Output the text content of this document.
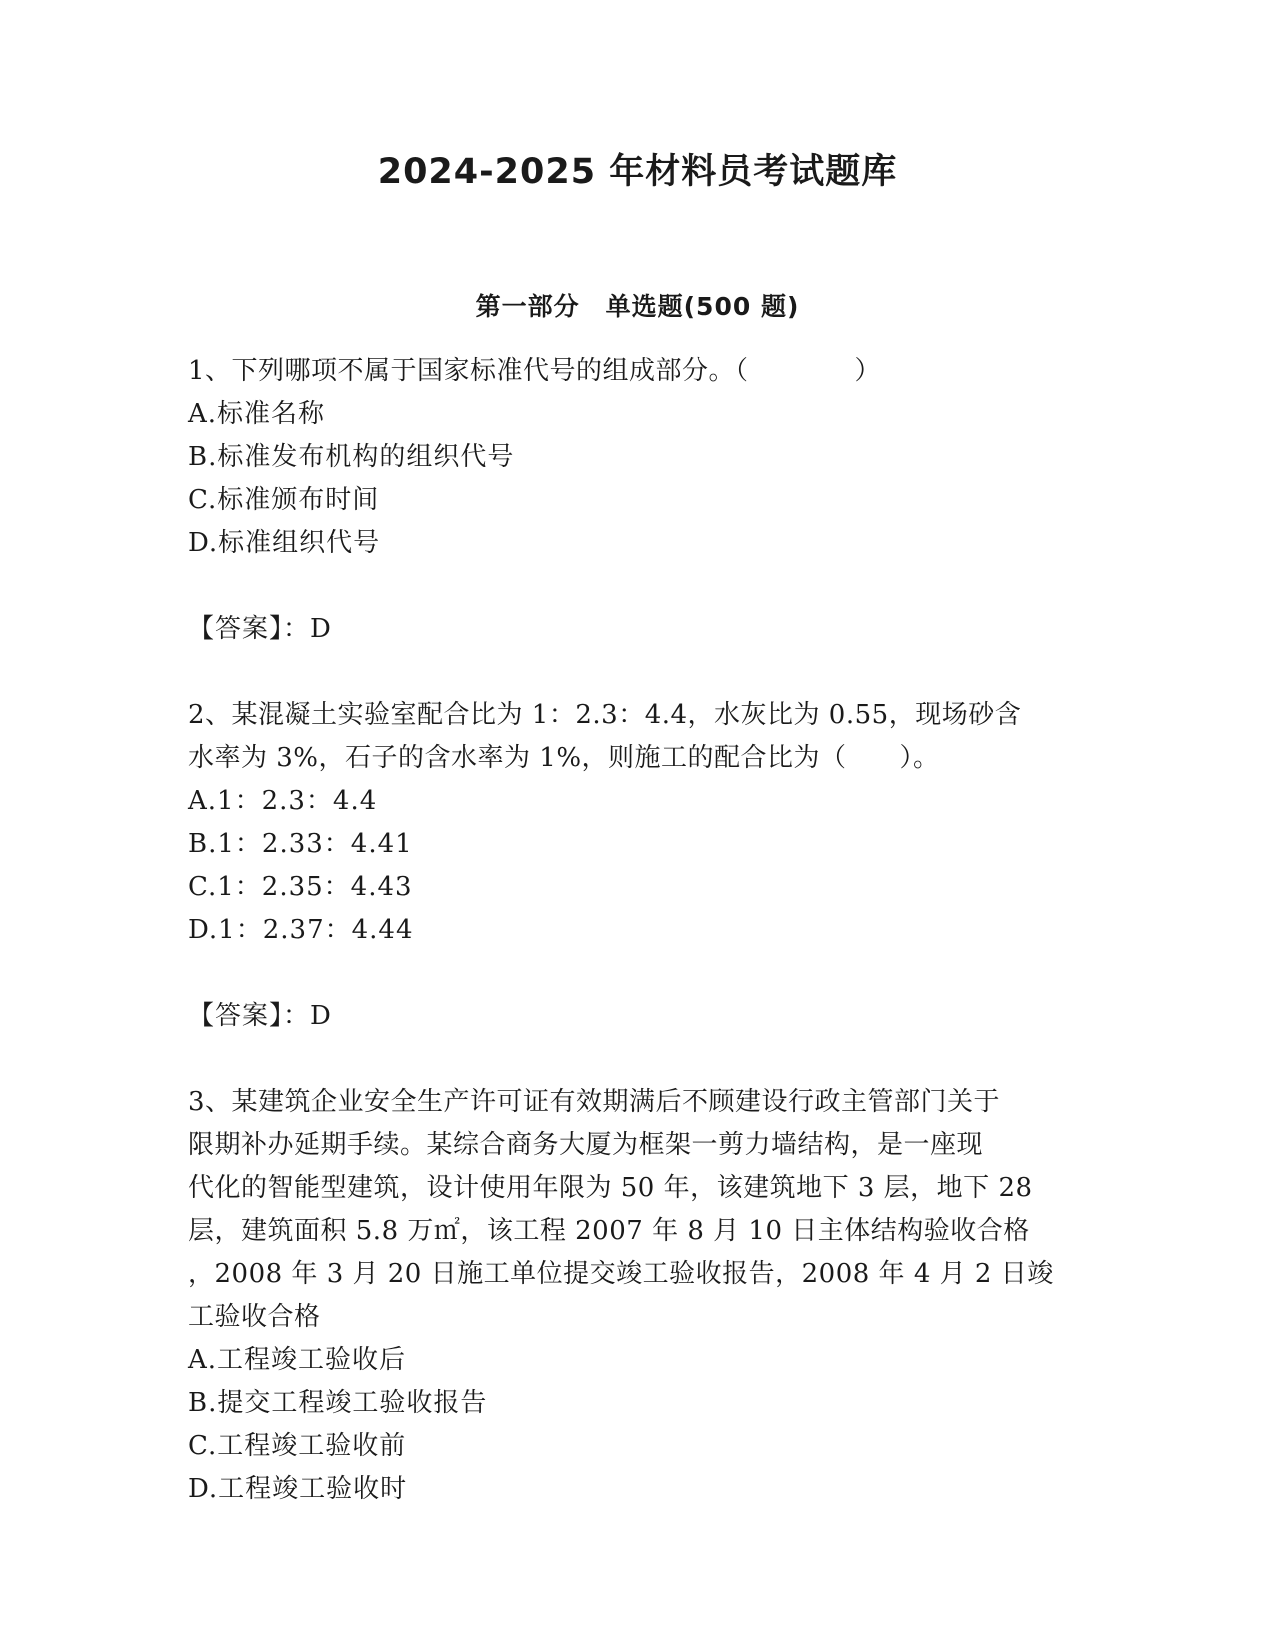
2024-2025 年材料员考试题库
第一部分　单选题(500 题)
1、下列哪项不属于国家标准代号的组成部分。（　　　　）
A.标准名称
B.标准发布机构的组织代号
C.标准颁布时间
D.标准组织代号
【答案】：D
2、某混凝土实验室配合比为 1：2.3：4.4，水灰比为 0.55，现场砂含
水率为 3%，石子的含水率为 1%，则施工的配合比为（　　）。
A.1：2.3：4.4
B.1：2.33：4.41
C.1：2.35：4.43
D.1：2.37：4.44
【答案】：D
3、某建筑企业安全生产许可证有效期满后不顾建设行政主管部门关于
限期补办延期手续。某综合商务大厦为框架一剪力墙结构，是一座现
代化的智能型建筑，设计使用年限为 50 年，该建筑地下 3 层，地下 28
层，建筑面积 5.8 万㎡，该工程 2007 年 8 月 10 日主体结构验收合格
，2008 年 3 月 20 日施工单位提交竣工验收报告，2008 年 4 月 2 日竣
工验收合格
A.工程竣工验收后
B.提交工程竣工验收报告
C.工程竣工验收前
D.工程竣工验收时
